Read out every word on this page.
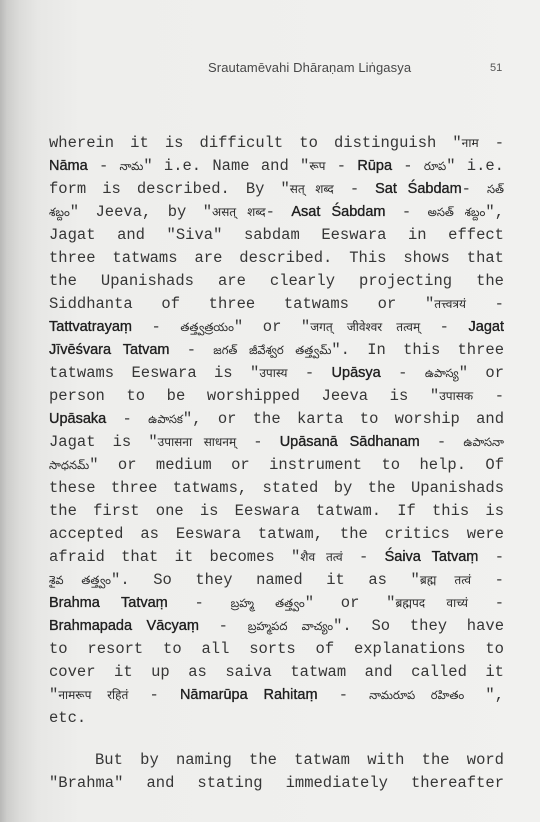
Srautamēvahi Dhāraṇam Liṅgasya	51
wherein it is difficult to distinguish "नाम -
Nāma - నామ" i.e. Name and "रूप - Rūpa - రూప" i.e.
form is described. By "सत् शब्द - Sat Śabdam- సత్
శబ్దం" Jeeva, by "असत् शब्द- Asat Śabdam - అసత్ శబ్దం",
Jagat and "Siva" sabdam Eeswara in effect
three tatwams are described. This shows that
the Upanishads are clearly projecting the
Siddhanta of three tatwams or "तत्त्वत्रयं -
Tattvatrayaṃ - తత్త్వత్రయం" or "जगत् जीवेश्वर तत्वम् - Jagat
Jīvēśvara Tatvam - జగత్ జీవేశ్వర తత్త్వమ్". In this three
tatwams Eeswara is "उपास्य - Upāsya - ఉపాస్య" or
person to be worshipped Jeeva is "उपासक -
Upāsaka - ఉపాసక", or the karta to worship and
Jagat is "उपासना साधनम् - Upāsanā Sādhanam - ఉపాసనా
సాధనమ్" or medium or instrument to help. Of
these three tatwams, stated by the Upanishads
the first one is Eeswara tatwam. If this is
accepted as Eeswara tatwam, the critics were
afraid that it becomes "शैव तत्वं - Śaiva Tatvaṃ -
శైవ తత్త్వం". So they named it as "ब्रह्म तत्वं -
Brahma Tatvaṃ - బ్రహ్మ తత్త్వం" or "ब्रह्मपद वाच्यं -
Brahmapada Vācyaṃ - బ్రహ్మపద వాచ్యం". So they have
to resort to all sorts of explanations to
cover it up as saiva tatwam and called it
"नामरूप रहितं - Nāmarūpa Rahitaṃ - నామరూప రహితం ",
etc.
But by naming the tatwam with the word
"Brahma" and stating immediately thereafter
